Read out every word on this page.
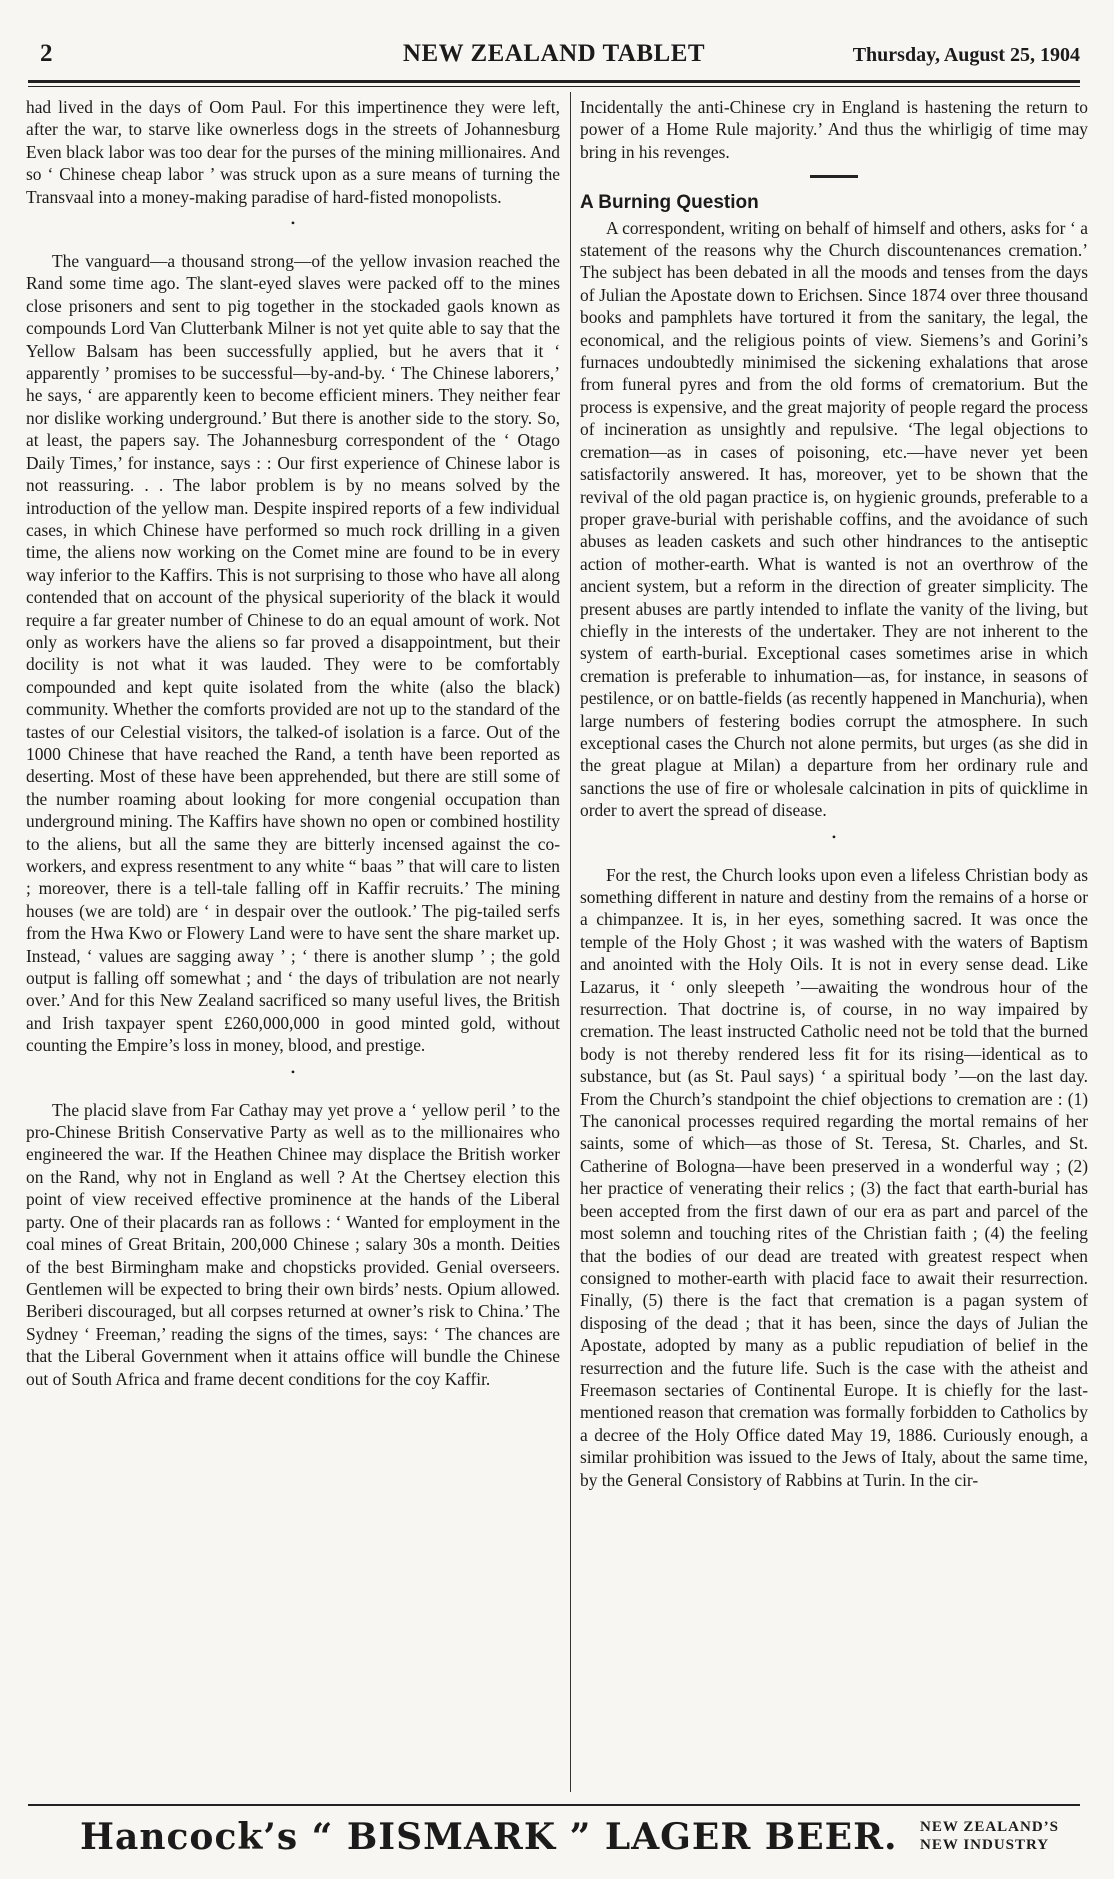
2	NEW ZEALAND TABLET	Thursday, August 25, 1904

had lived in the days of Oom Paul. For this impertinence they were left, after the war, to starve like ownerless dogs in the streets of Johannesburg Even black labor was too dear for the purses of the mining millionaires. And so ‘ Chinese cheap labor ’ was struck upon as a sure means of turning the Transvaal into a money-making paradise of hard-fisted monopolists.

•

The vanguard—a thousand strong—of the yellow invasion reached the Rand some time ago. The slant-eyed slaves were packed off to the mines close prisoners and sent to pig together in the stockaded gaols known as compounds Lord Van Clutterbank Milner is not yet quite able to say that the Yellow Balsam has been successfully applied, but he avers that it ‘ apparently ’ promises to be successful—by-and-by. ‘ The Chinese laborers,’ he says, ‘ are apparently keen to become efficient miners. They neither fear nor dislike working underground.’ But there is another side to the story. So, at least, the papers say. The Johannesburg correspondent of the ‘ Otago Daily Times,’ for instance, says : : Our first experience of Chinese labor is not reassuring. . . The labor problem is by no means solved by the introduction of the yellow man. Despite inspired reports of a few individual cases, in which Chinese have performed so much rock drilling in a given time, the aliens now working on the Comet mine are found to be in every way inferior to the Kaffirs. This is not surprising to those who have all along contended that on account of the physical superiority of the black it would require a far greater number of Chinese to do an equal amount of work. Not only as workers have the aliens so far proved a disappointment, but their docility is not what it was lauded. They were to be comfortably compounded and kept quite isolated from the white (also the black) community. Whether the comforts provided are not up to the standard of the tastes of our Celestial visitors, the talked-of isolation is a farce. Out of the 1000 Chinese that have reached the Rand, a tenth have been reported as deserting. Most of these have been apprehended, but there are still some of the number roaming about looking for more congenial occupation than underground mining. The Kaffirs have shown no open or combined hostility to the aliens, but all the same they are bitterly incensed against the co-workers, and express resentment to any white “ baas ” that will care to listen ; moreover, there is a tell-tale falling off in Kaffir recruits.’ The mining houses (we are told) are ‘ in despair over the outlook.’ The pig-tailed serfs from the Hwa Kwo or Flowery Land were to have sent the share market up. Instead, ‘ values are sagging away ’ ; ‘ there is another slump ’ ; the gold output is falling off somewhat ; and ‘ the days of tribulation are not nearly over.’ And for this New Zealand sacrificed so many useful lives, the British and Irish taxpayer spent £260,000,000 in good minted gold, without counting the Empire’s loss in money, blood, and prestige.

•

The placid slave from Far Cathay may yet prove a ‘ yellow peril ’ to the pro-Chinese British Conservative Party as well as to the millionaires who engineered the war. If the Heathen Chinee may displace the British worker on the Rand, why not in England as well ? At the Chertsey election this point of view received effective prominence at the hands of the Liberal party. One of their placards ran as follows : ‘ Wanted for employment in the coal mines of Great Britain, 200,000 Chinese ; salary 30s a month. Deities of the best Birmingham make and chopsticks provided. Genial overseers. Gentlemen will be expected to bring their own birds’ nests. Opium allowed. Beriberi discouraged, but all corpses returned at owner’s risk to China.’ The Sydney ‘ Freeman,’ reading the signs of the times, says: ‘ The chances are that the Liberal Government when it attains office will bundle the Chinese out of South Africa and frame decent conditions for the coy Kaffir.

Incidentally the anti-Chinese cry in England is hastening the return to power of a Home Rule majority.’ And thus the whirligig of time may bring in his revenges.

A Burning Question

A correspondent, writing on behalf of himself and others, asks for ‘ a statement of the reasons why the Church discountenances cremation.’ The subject has been debated in all the moods and tenses from the days of Julian the Apostate down to Erichsen. Since 1874 over three thousand books and pamphlets have tortured it from the sanitary, the legal, the economical, and the religious points of view. Siemens’s and Gorini’s furnaces undoubtedly minimised the sickening exhalations that arose from funeral pyres and from the old forms of crematorium. But the process is expensive, and the great majority of people regard the process of incineration as unsightly and repulsive. ‘The legal objections to cremation—as in cases of poisoning, etc.—have never yet been satisfactorily answered. It has, moreover, yet to be shown that the revival of the old pagan practice is, on hygienic grounds, preferable to a proper grave-burial with perishable coffins, and the avoidance of such abuses as leaden caskets and such other hindrances to the antiseptic action of mother-earth. What is wanted is not an overthrow of the ancient system, but a reform in the direction of greater simplicity. The present abuses are partly intended to inflate the vanity of the living, but chiefly in the interests of the undertaker. They are not inherent to the system of earth-burial. Exceptional cases sometimes arise in which cremation is preferable to inhumation—as, for instance, in seasons of pestilence, or on battle-fields (as recently happened in Manchuria), when large numbers of festering bodies corrupt the atmosphere. In such exceptional cases the Church not alone permits, but urges (as she did in the great plague at Milan) a departure from her ordinary rule and sanctions the use of fire or wholesale calcination in pits of quicklime in order to avert the spread of disease.

•

For the rest, the Church looks upon even a lifeless Christian body as something different in nature and destiny from the remains of a horse or a chimpanzee. It is, in her eyes, something sacred. It was once the temple of the Holy Ghost ; it was washed with the waters of Baptism and anointed with the Holy Oils. It is not in every sense dead. Like Lazarus, it ‘ only sleepeth ’—awaiting the wondrous hour of the resurrection. That doctrine is, of course, in no way impaired by cremation. The least instructed Catholic need not be told that the burned body is not thereby rendered less fit for its rising—identical as to substance, but (as St. Paul says) ‘ a spiritual body ’—on the last day. From the Church’s standpoint the chief objections to cremation are : (1) The canonical processes required regarding the mortal remains of her saints, some of which—as those of St. Teresa, St. Charles, and St. Catherine of Bologna—have been preserved in a wonderful way ; (2) her practice of venerating their relics ; (3) the fact that earth-burial has been accepted from the first dawn of our era as part and parcel of the most solemn and touching rites of the Christian faith ; (4) the feeling that the bodies of our dead are treated with greatest respect when consigned to mother-earth with placid face to await their resurrection. Finally, (5) there is the fact that cremation is a pagan system of disposing of the dead ; that it has been, since the days of Julian the Apostate, adopted by many as a public repudiation of belief in the resurrection and the future life. Such is the case with the atheist and Freemason sectaries of Continental Europe. It is chiefly for the last-mentioned reason that cremation was formally forbidden to Catholics by a decree of the Holy Office dated May 19, 1886. Curiously enough, a similar prohibition was issued to the Jews of Italy, about the same time, by the General Consistory of Rabbins at Turin. In the cir-

Hancock’s “ BISMARK ” LAGER BEER. NEW ZEALAND’S
NEW INDUSTRY
